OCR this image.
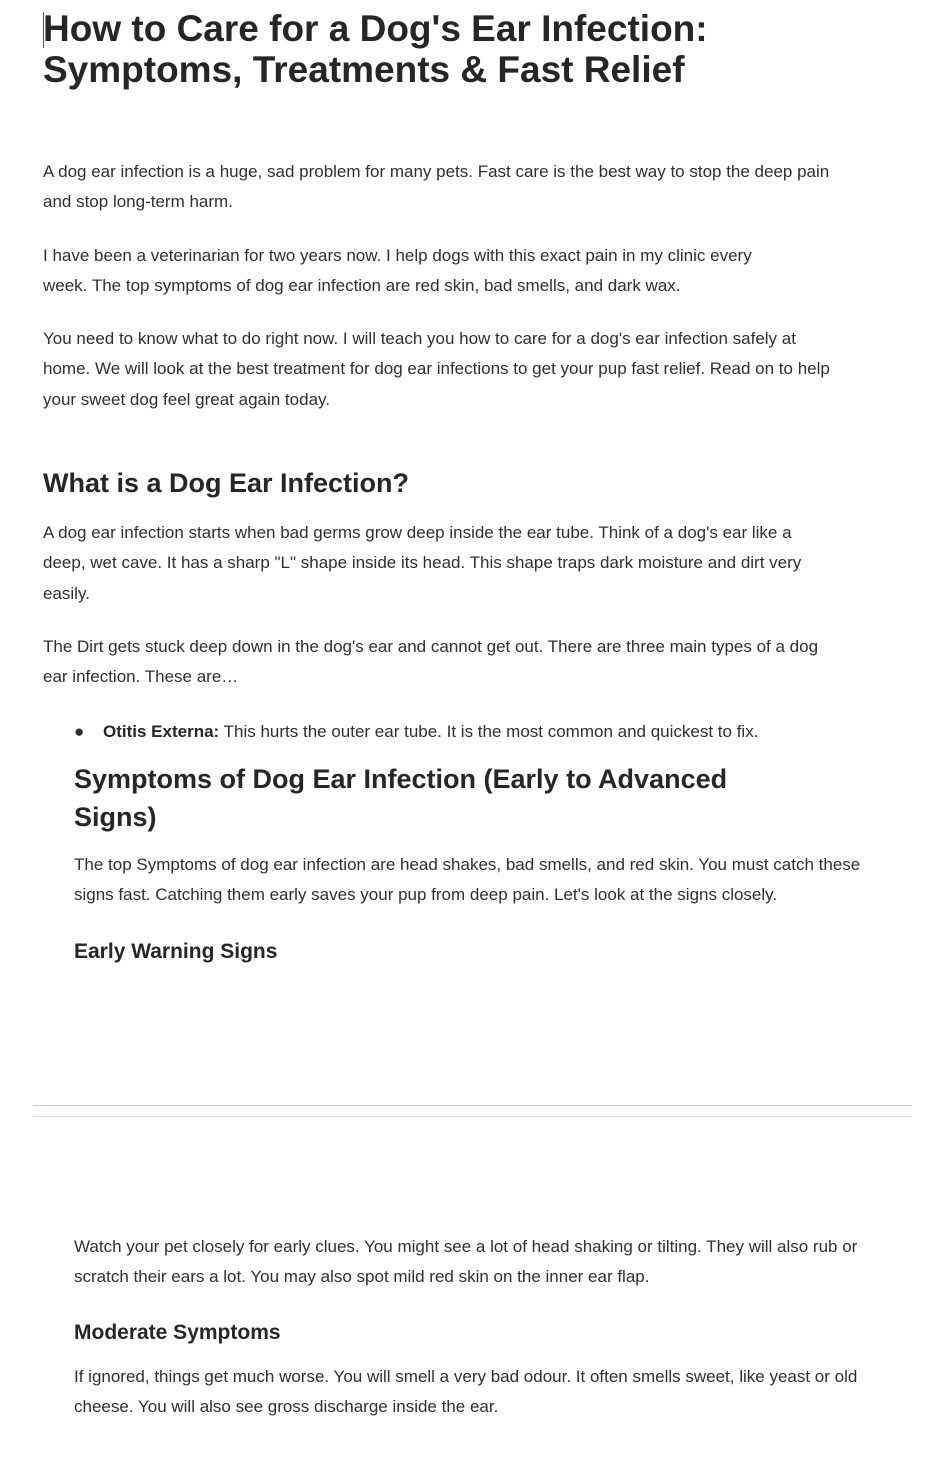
How to Care for a Dog's Ear Infection: Symptoms, Treatments & Fast Relief

A dog ear infection is a huge, sad problem for many pets. Fast care is the best way to stop the deep pain and stop long-term harm.

I have been a veterinarian for two years now. I help dogs with this exact pain in my clinic every week. The top symptoms of dog ear infection are red skin, bad smells, and dark wax.

You need to know what to do right now. I will teach you how to care for a dog's ear infection safely at home. We will look at the best treatment for dog ear infections to get your pup fast relief. Read on to help your sweet dog feel great again today.

What is a Dog Ear Infection?

A dog ear infection starts when bad germs grow deep inside the ear tube. Think of a dog's ear like a deep, wet cave. It has a sharp "L" shape inside its head. This shape traps dark moisture and dirt very easily.

The Dirt gets stuck deep down in the dog's ear and cannot get out. There are three main types of a dog ear infection. These are…

● Otitis Externa: This hurts the outer ear tube. It is the most common and quickest to fix.
Symptoms of Dog Ear Infection (Early to Advanced Signs)

The top Symptoms of dog ear infection are head shakes, bad smells, and red skin. You must catch these signs fast. Catching them early saves your pup from deep pain. Let's look at the signs closely.

Early Warning Signs

Watch your pet closely for early clues. You might see a lot of head shaking or tilting. They will also rub or scratch their ears a lot. You may also spot mild red skin on the inner ear flap.

Moderate Symptoms

If ignored, things get much worse. You will smell a very bad odour. It often smells sweet, like yeast or old cheese. You will also see gross discharge inside the ear.
